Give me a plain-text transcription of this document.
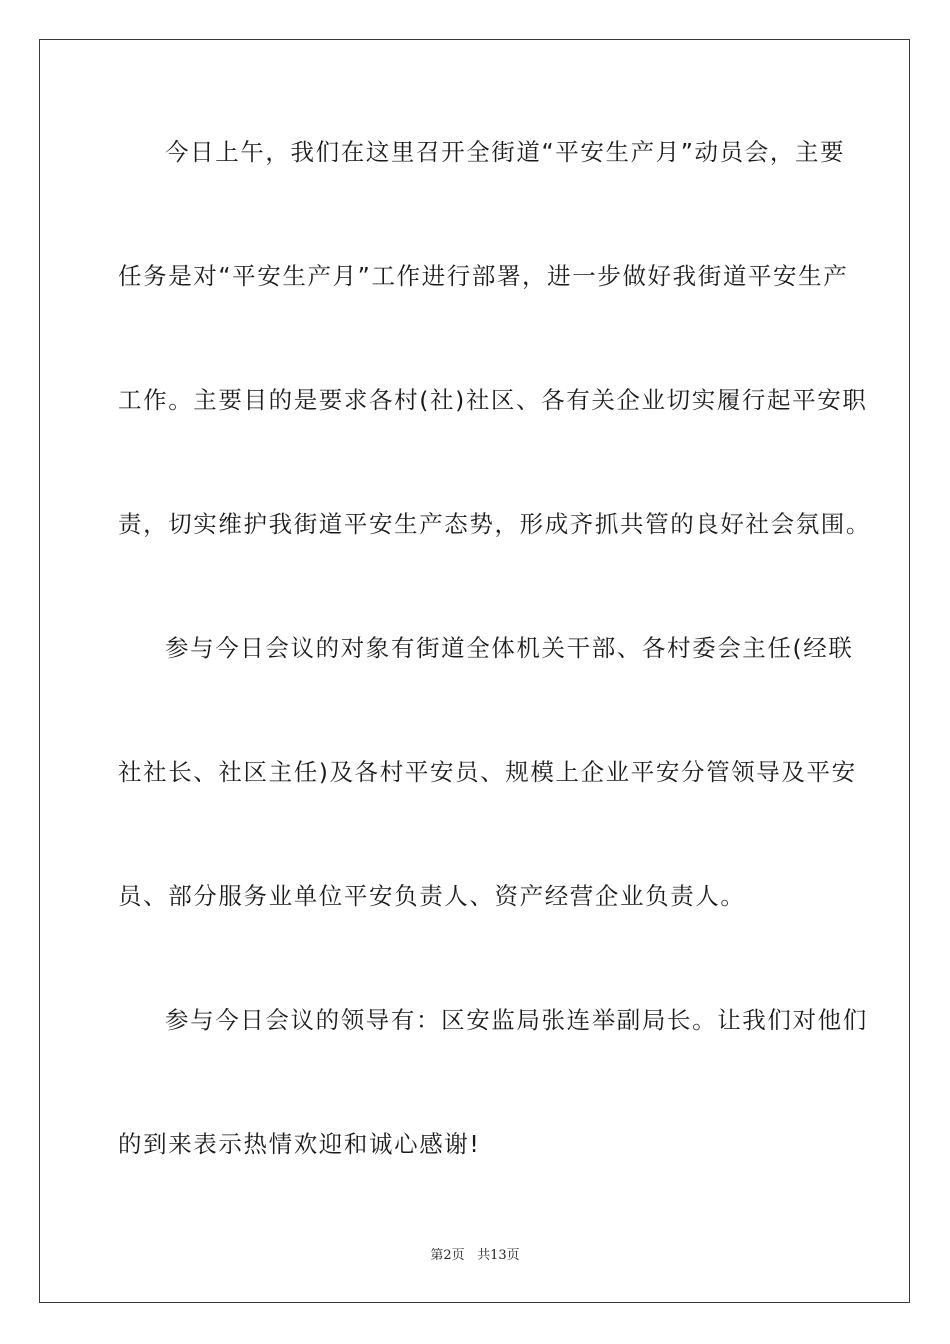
今日上午，我们在这里召开全街道“平安生产月”动员会，主要
任务是对“平安生产月”工作进行部署，进一步做好我街道平安生产
工作。主要目的是要求各村(社)社区、各有关企业切实履行起平安职
责，切实维护我街道平安生产态势，形成齐抓共管的良好社会氛围。
参与今日会议的对象有街道全体机关干部、各村委会主任(经联
社社长、社区主任)及各村平安员、规模上企业平安分管领导及平安
员、部分服务业单位平安负责人、资产经营企业负责人。
参与今日会议的领导有：区安监局张连举副局长。让我们对他们
的到来表示热情欢迎和诚心感谢!
第2页 共13页
